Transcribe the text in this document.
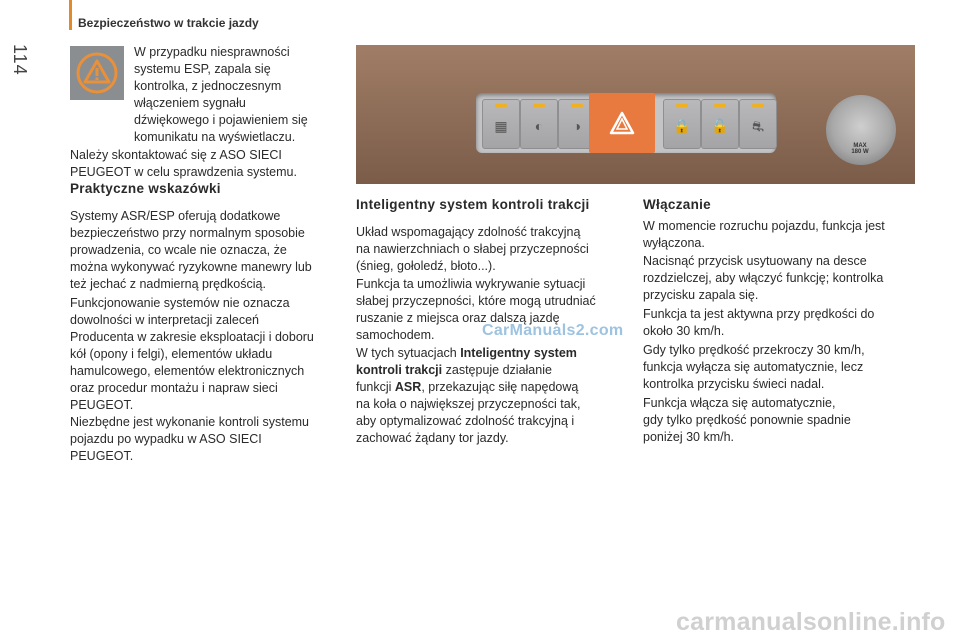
Bezpieczeństwo w trakcie jazdy
114	W przypadku niesprawności

systemu ESP, zapala się

kontrolka, z jednoczesnym

włączeniem sygnału

dźwiękowego i pojawieniem się

komunikatu na wyświetlaczu.

Należy skontaktować się z ASO SIECI

PEUGEOT w celu sprawdzenia systemu.

Praktyczne wskazówki

Systemy ASR/ESP oferują dodatkowe

bezpieczeństwo przy normalnym sposobie

prowadzenia, co wcale nie oznacza, że

można wykonywać ryzykowne manewry lub

też jechać z nadmierną prędkością.

Funkcjonowanie systemów nie oznacza

dowolności w interpretacji zaleceń

Producenta w zakresie eksploatacji i doboru

kół (opony i felgi), elementów układu

hamulcowego, elementów elektronicznych

oraz procedur montażu i napraw sieci

PEUGEOT.

Niezbędne jest wykonanie kontroli systemu

pojazdu po wypadku w ASO SIECI

PEUGEOT.

▦	◐	◑	🔒	🔓	⛐
MAX
180 W
Inteligentny system kontroli trakcji

Układ wspomagający zdolność trakcyjną

na nawierzchniach o słabej przyczepności

(śnieg, gołoledź, błoto...).

Funkcja ta umożliwia wykrywanie sytuacji

słabej przyczepności, które mogą utrudniać

ruszanie z miejsca oraz dalszą jazdę

samochodem.

W tych sytuacjach Inteligentny system

kontroli trakcji zastępuje działanie

funkcji ASR, przekazując siłę napędową

na koła o największej przyczepności tak,

aby optymalizować zdolność trakcyjną i

zachować żądany tor jazdy.

Włączanie

W momencie rozruchu pojazdu, funkcja jest

wyłączona.

Nacisnąć przycisk usytuowany na desce

rozdzielczej, aby włączyć funkcję; kontrolka

przycisku zapala się.

Funkcja ta jest aktywna przy prędkości do

około 30 km/h.

Gdy tylko prędkość przekroczy 30 km/h,

funkcja wyłącza się automatycznie, lecz

kontrolka przycisku świeci nadal.

Funkcja włącza się automatycznie,

gdy tylko prędkość ponownie spadnie

poniżej 30 km/h.

CarManuals2.com
carmanualsonline.info
